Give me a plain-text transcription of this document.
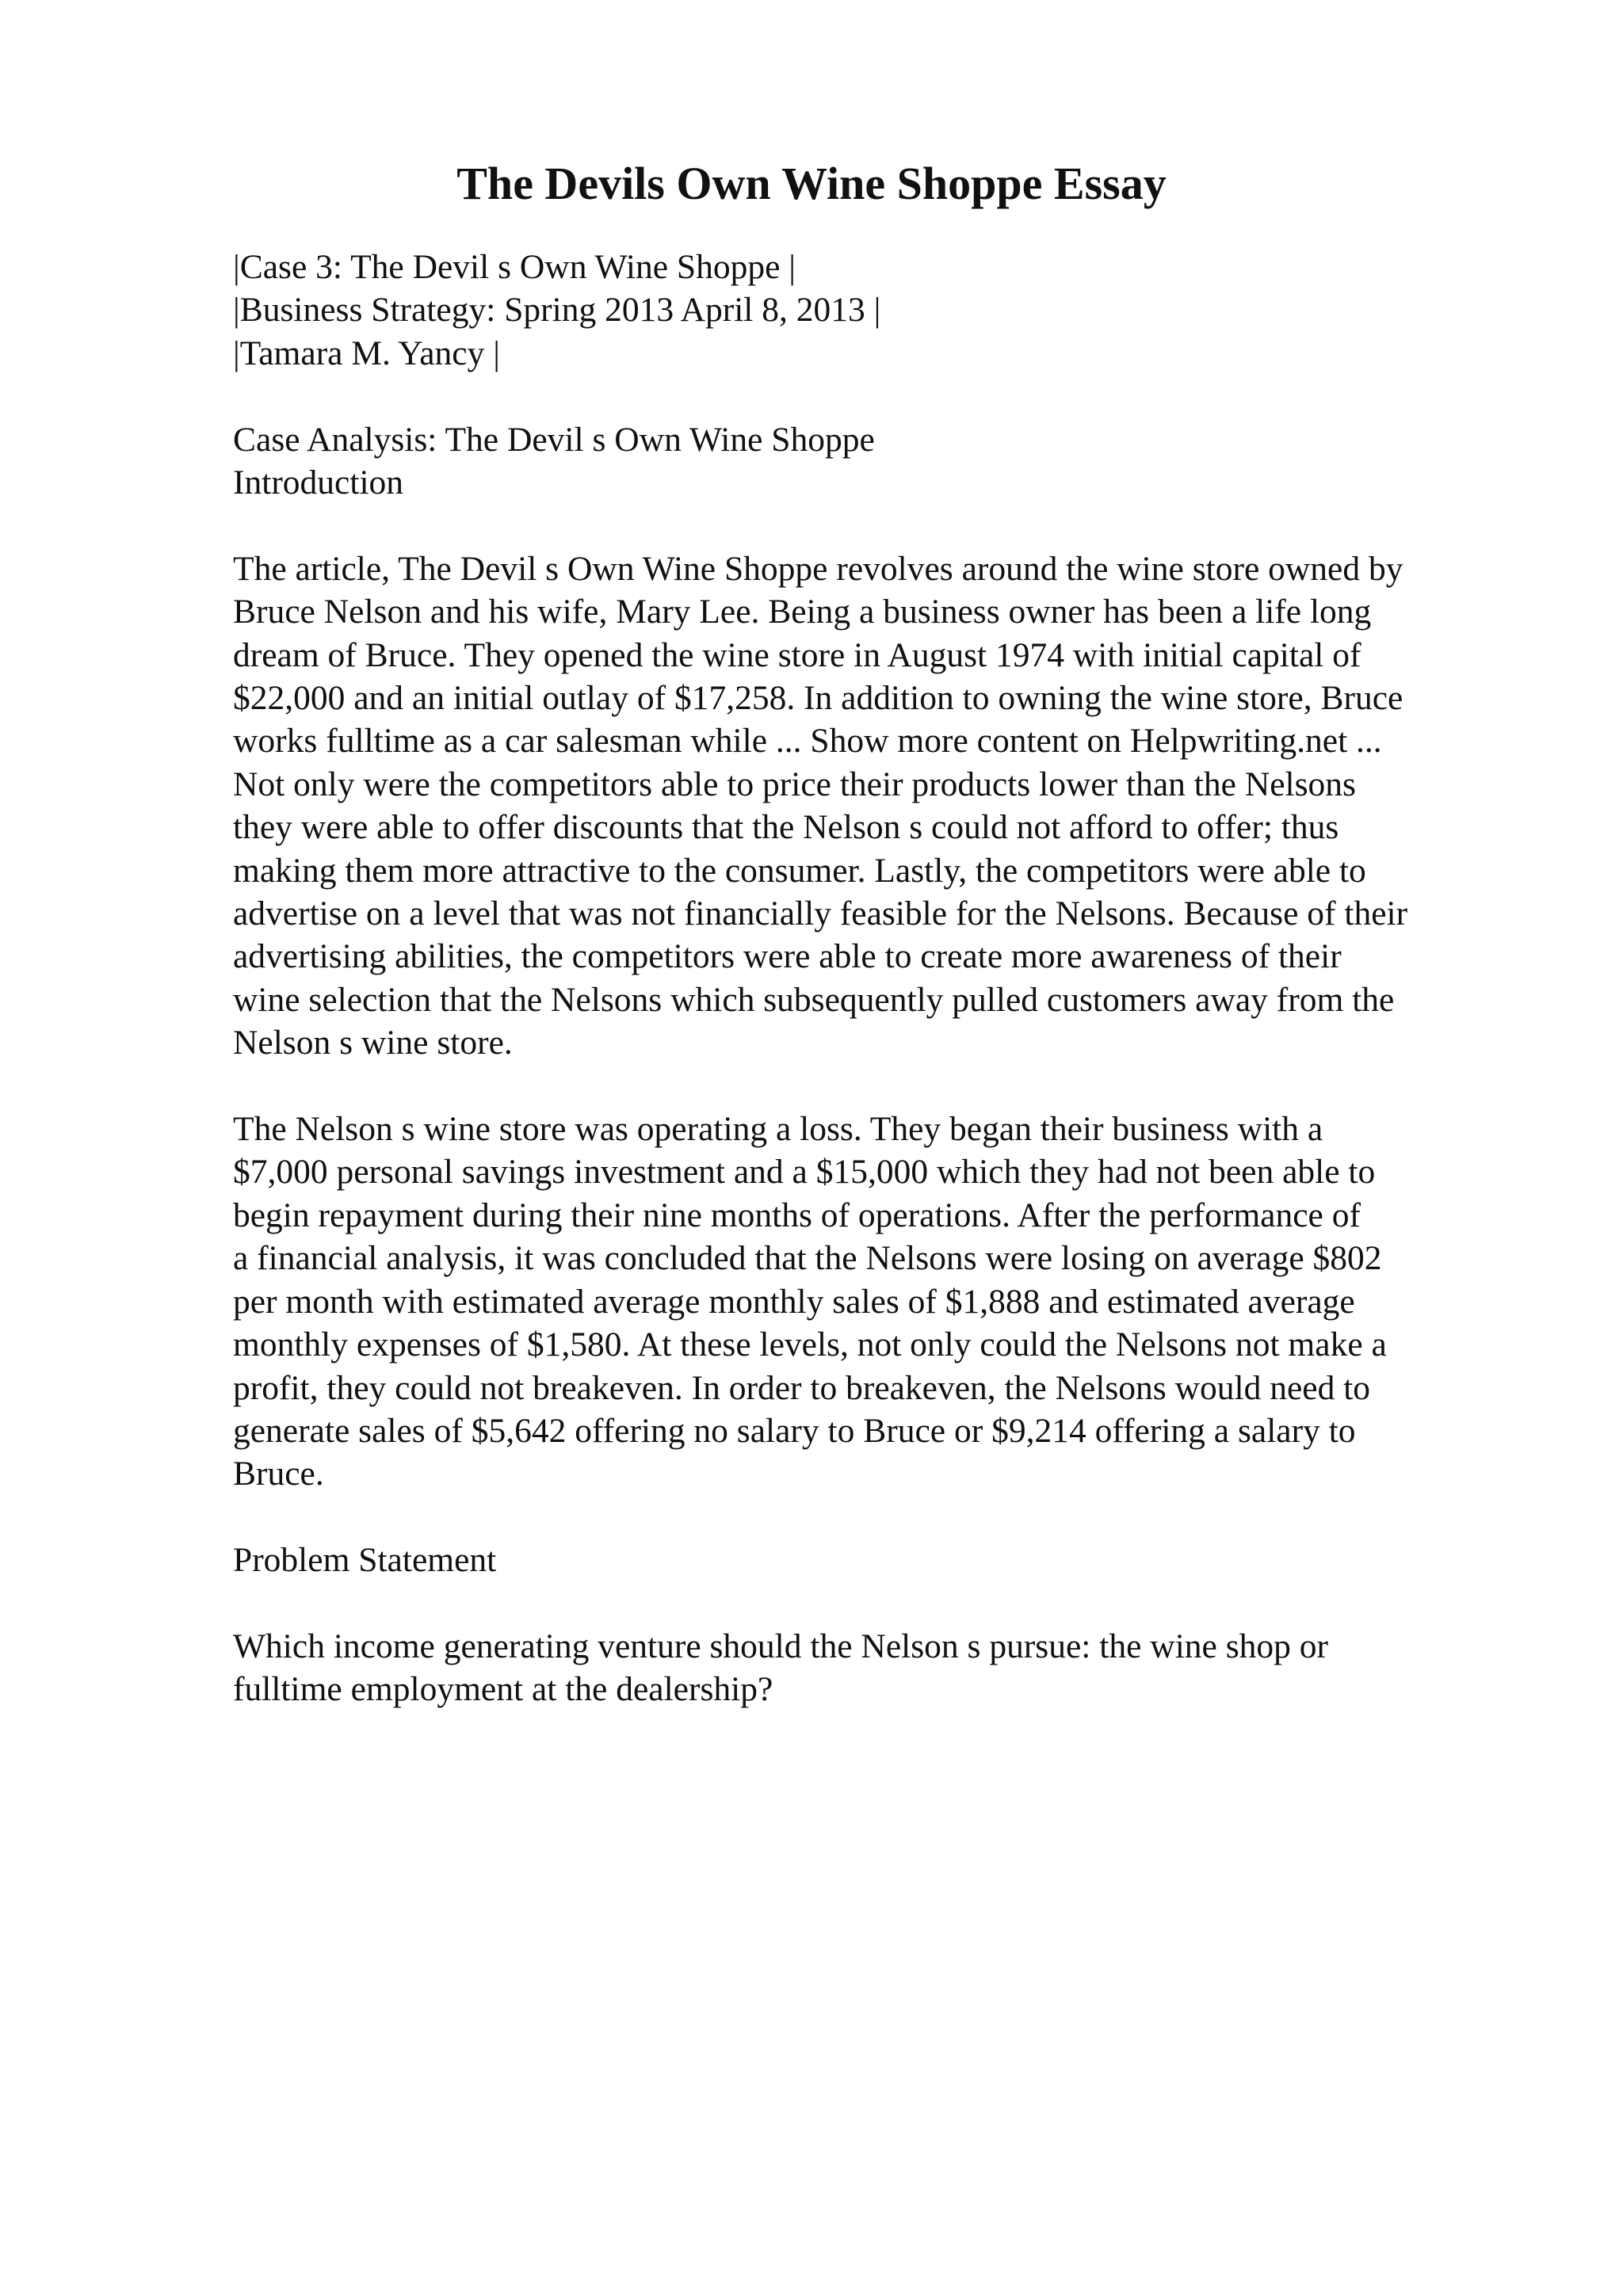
The Devils Own Wine Shoppe Essay
|Case 3: The Devil s Own Wine Shoppe |
|Business Strategy: Spring 2013 April 8, 2013 |
|Tamara M. Yancy |
Case Analysis: The Devil s Own Wine Shoppe
Introduction
The article, The Devil s Own Wine Shoppe revolves around the wine store owned by
Bruce Nelson and his wife, Mary Lee. Being a business owner has been a life long
dream of Bruce. They opened the wine store in August 1974 with initial capital of
$22,000 and an initial outlay of $17,258. In addition to owning the wine store, Bruce
works fulltime as a car salesman while ... Show more content on Helpwriting.net ...
Not only were the competitors able to price their products lower than the Nelsons
they were able to offer discounts that the Nelson s could not afford to offer; thus
making them more attractive to the consumer. Lastly, the competitors were able to
advertise on a level that was not financially feasible for the Nelsons. Because of their
advertising abilities, the competitors were able to create more awareness of their
wine selection that the Nelsons which subsequently pulled customers away from the
Nelson s wine store.
The Nelson s wine store was operating a loss. They began their business with a
$7,000 personal savings investment and a $15,000 which they had not been able to
begin repayment during their nine months of operations. After the performance of
a financial analysis, it was concluded that the Nelsons were losing on average $802
per month with estimated average monthly sales of $1,888 and estimated average
monthly expenses of $1,580. At these levels, not only could the Nelsons not make a
profit, they could not breakeven. In order to breakeven, the Nelsons would need to
generate sales of $5,642 offering no salary to Bruce or $9,214 offering a salary to
Bruce.
Problem Statement
Which income generating venture should the Nelson s pursue: the wine shop or
fulltime employment at the dealership?
